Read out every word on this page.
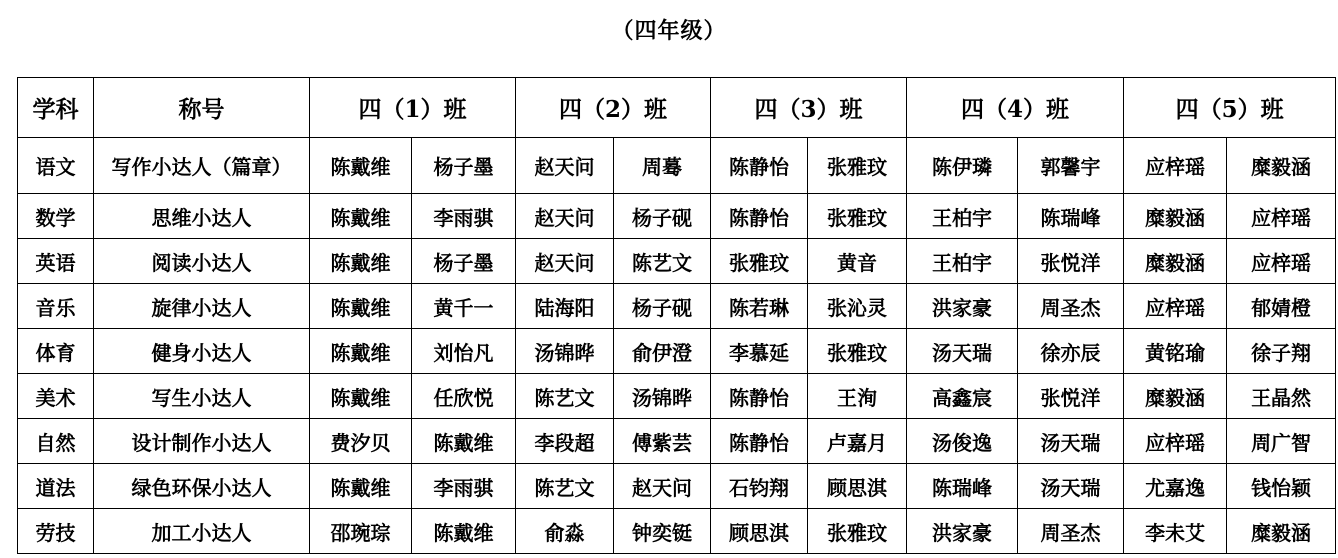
（四年级）
学科	称号	四（1）班		四（2）班		四（3）班		四（4）班		四（5）班	
语文	写作小达人（篇章）	陈戴维	杨子墨	赵天问	周蓦	陈静怡	张雅玟	陈伊璘	郭馨宇	应梓瑶	糜毅涵
数学	思维小达人	陈戴维	李雨骐	赵天问	杨子砚	陈静怡	张雅玟	王柏宇	陈瑞峰	糜毅涵	应梓瑶
英语	阅读小达人	陈戴维	杨子墨	赵天问	陈艺文	张雅玟	黄音	王柏宇	张悦洋	糜毅涵	应梓瑶
音乐	旋律小达人	陈戴维	黄千一	陆海阳	杨子砚	陈若琳	张沁灵	洪家豪	周圣杰	应梓瑶	郁婧橙
体育	健身小达人	陈戴维	刘怡凡	汤锦晔	俞伊澄	李慕延	张雅玟	汤天瑞	徐亦辰	黄铭瑜	徐子翔
美术	写生小达人	陈戴维	任欣悦	陈艺文	汤锦晔	陈静怡	王洵	高鑫宸	张悦洋	糜毅涵	王晶然
自然	设计制作小达人	费汐贝	陈戴维	李段超	傅紫芸	陈静怡	卢嘉月	汤俊逸	汤天瑞	应梓瑶	周广智
道法	绿色环保小达人	陈戴维	李雨骐	陈艺文	赵天问	石钧翔	顾思淇	陈瑞峰	汤天瑞	尤嘉逸	钱怡颖
劳技	加工小达人	邵琬琮	陈戴维	俞淼	钟奕铤	顾思淇	张雅玟	洪家豪	周圣杰	李未艾	糜毅涵
